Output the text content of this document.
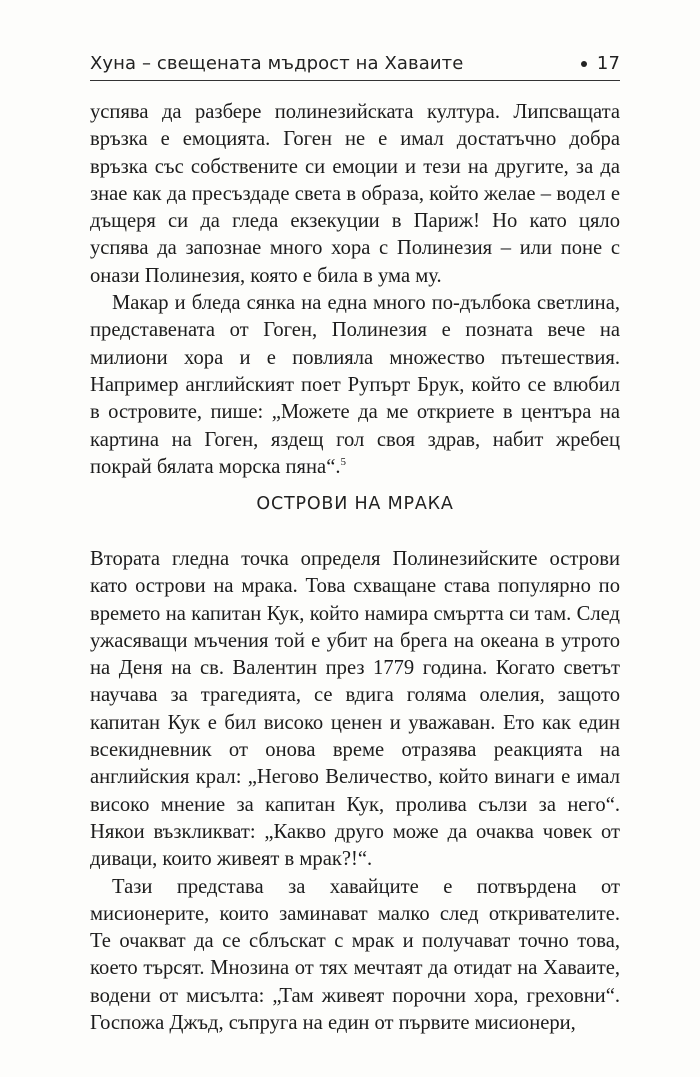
Хуна – свещената мъдрост на Хаваите	17

успява да разбере полинезийската култура. Липсващата връзка е емоцията. Гоген не е имал достатъчно добра връзка със собствените си емоции и тези на другите, за да знае как да пресъздаде света в образа, който желае – водел е дъщеря си да гледа екзекуции в Париж! Но като цяло успява да запознае много хора с Полинезия – или поне с онази Полинезия, която е била в ума му.

Макар и бледа сянка на една много по-дълбока светлина, представената от Гоген, Полинезия е позната вече на милиони хора и е повлияла множество пътешествия. Например английският поет Рупърт Брук, който се влюбил в островите, пише: „Можете да ме откриете в центъра на картина на Гоген, яздещ гол своя здрав, набит жребец покрай бялата морска пяна“.$^5$

ОСТРОВИ НА МРАКА

Втората гледна точка определя Полинезийските острови като острови на мрака. Това схващане става популярно по времето на капитан Кук, който намира смъртта си там. След ужасяващи мъчения той е убит на брега на океана в утрото на Деня на св. Валентин през 1779 година. Когато светът научава за трагедията, се вдига голяма олелия, защото капитан Кук е бил високо ценен и уважаван. Ето как един всекидневник от онова време отразява реакцията на английския крал: „Негово Величество, който винаги е имал високо мнение за капитан Кук, пролива сълзи за него“. Някои възкликват: „Какво друго може да очаква човек от диваци, които живеят в мрак?!“.

Тази представа за хавайците е потвърдена от мисионерите, които заминават малко след откривателите. Те очакват да се сблъскат с мрак и получават точно това, което търсят. Мнозина от тях мечтаят да отидат на Хаваите, водени от мисълта: „Там живеят порочни хора, греховни“. Госпожа Джъд, съпруга на един от първите мисионери,
